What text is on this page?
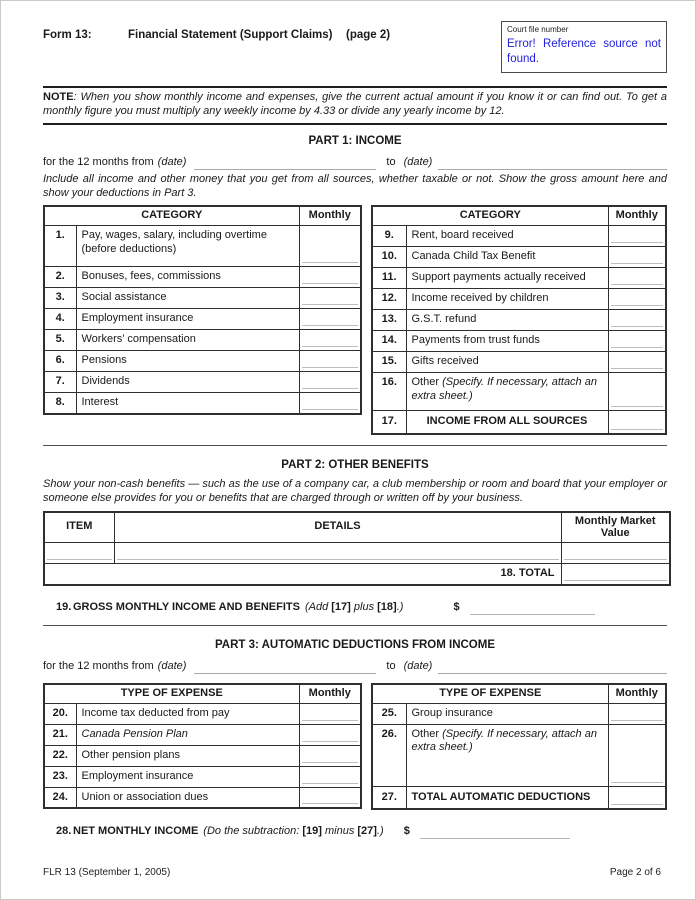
Form 13:	Financial Statement (Support Claims) (page 2)	Court file number
Error! Reference source not found.
NOTE: When you show monthly income and expenses, give the current actual amount if you know it or can find out. To get a monthly figure you must multiply any weekly income by 4.33 or divide any yearly income by 12.
PART 1: INCOME
for the 12 months from (date)	to (date)
Include all income and other money that you get from all sources, whether taxable or not. Show the gross amount here and show your deductions in Part 3.
CATEGORY		Monthly
1.	Pay, wages, salary, including overtime (before deductions)	

2.	Bonuses, fees, commissions	

3.	Social assistance	

4.	Employment insurance	

5.	Workers’ compensation	

6.	Pensions	

7.	Dividends	

8.	Interest	
CATEGORY		Monthly
9.	Rent, board received	

10.	Canada Child Tax Benefit	

11.	Support payments actually received	

12.	Income received by children	

13.	G.S.T. refund	

14.	Payments from trust funds	

15.	Gifts received	

16.	Other (Specify. If necessary, attach an extra sheet.)	

17.	INCOME FROM ALL SOURCES	
PART 2: OTHER BENEFITS
Show your non-cash benefits — such as the use of a company car, a club membership or room and board that your employer or someone else provides for you or benefits that are charged through or written off by your business.
ITEM	DETAILS	Monthly Market Value

18. TOTAL		
19. GROSS MONTHLY INCOME AND BENEFITS (Add [17] plus [18].)	$
PART 3: AUTOMATIC DEDUCTIONS FROM INCOME
for the 12 months from (date)	to (date)
TYPE OF EXPENSE		Monthly
20.	Income tax deducted from pay	

21.	Canada Pension Plan	

22.	Other pension plans	

23.	Employment insurance	

24.	Union or association dues	
TYPE OF EXPENSE		Monthly
25.	Group insurance	

26.	Other (Specify. If necessary, attach an extra sheet.)	

27.	TOTAL AUTOMATIC DEDUCTIONS	
28. NET MONTHLY INCOME (Do the subtraction: [19] minus [27].) $
FLR 13 (September 1, 2005)	Page 2 of 6
